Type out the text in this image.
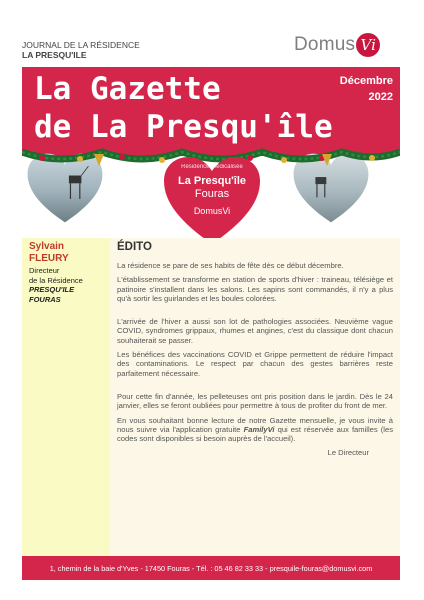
JOURNAL DE LA RÉSIDENCE
LA PRESQU'ILE	Domus Vi
La Gazette
de La Presqu'île
Décembre
2022
Résidence médicalisée
La Presqu'île
Fouras
DomusVi
Sylvain
FLEURY
Directeur
de la Résidence
PRESQU'ILE
FOURAS
ÉDITO

La résidence se pare de ses habits de fête dès ce début décembre.

L'établissement se transforme en station de sports d'hiver : traineau, télésiège et patinoire s'installent dans les salons. Les sapins sont commandés, il n'y a plus qu'à sortir les guirlandes et les boules colorées.

L'arrivée de l'hiver a aussi son lot de pathologies associées. Neuvième vague COVID, syndromes grippaux, rhumes et angines, c'est du classique dont chacun souhaiterait se passer.

Les bénéfices des vaccinations COVID et Grippe permettent de réduire l'impact des contaminations. Le respect par chacun des gestes barrières reste parfaitement nécessaire.

Pour cette fin d'année, les pelleteuses ont pris position dans le jardin. Dès le 24 janvier, elles se feront oubliées pour permettre à tous de profiter du front de mer.

En vous souhaitant bonne lecture de notre Gazette mensuelle, je vous invite à nous suivre via l'application gratuite FamilyVi qui est réservée aux familles (les codes sont disponibles si besoin auprès de l'accueil).

Le Directeur

1, chemin de la baie d'Yves - 17450 Fouras - Tél. : 05 46 82 33 33 - presquile-fouras@domusvi.com
